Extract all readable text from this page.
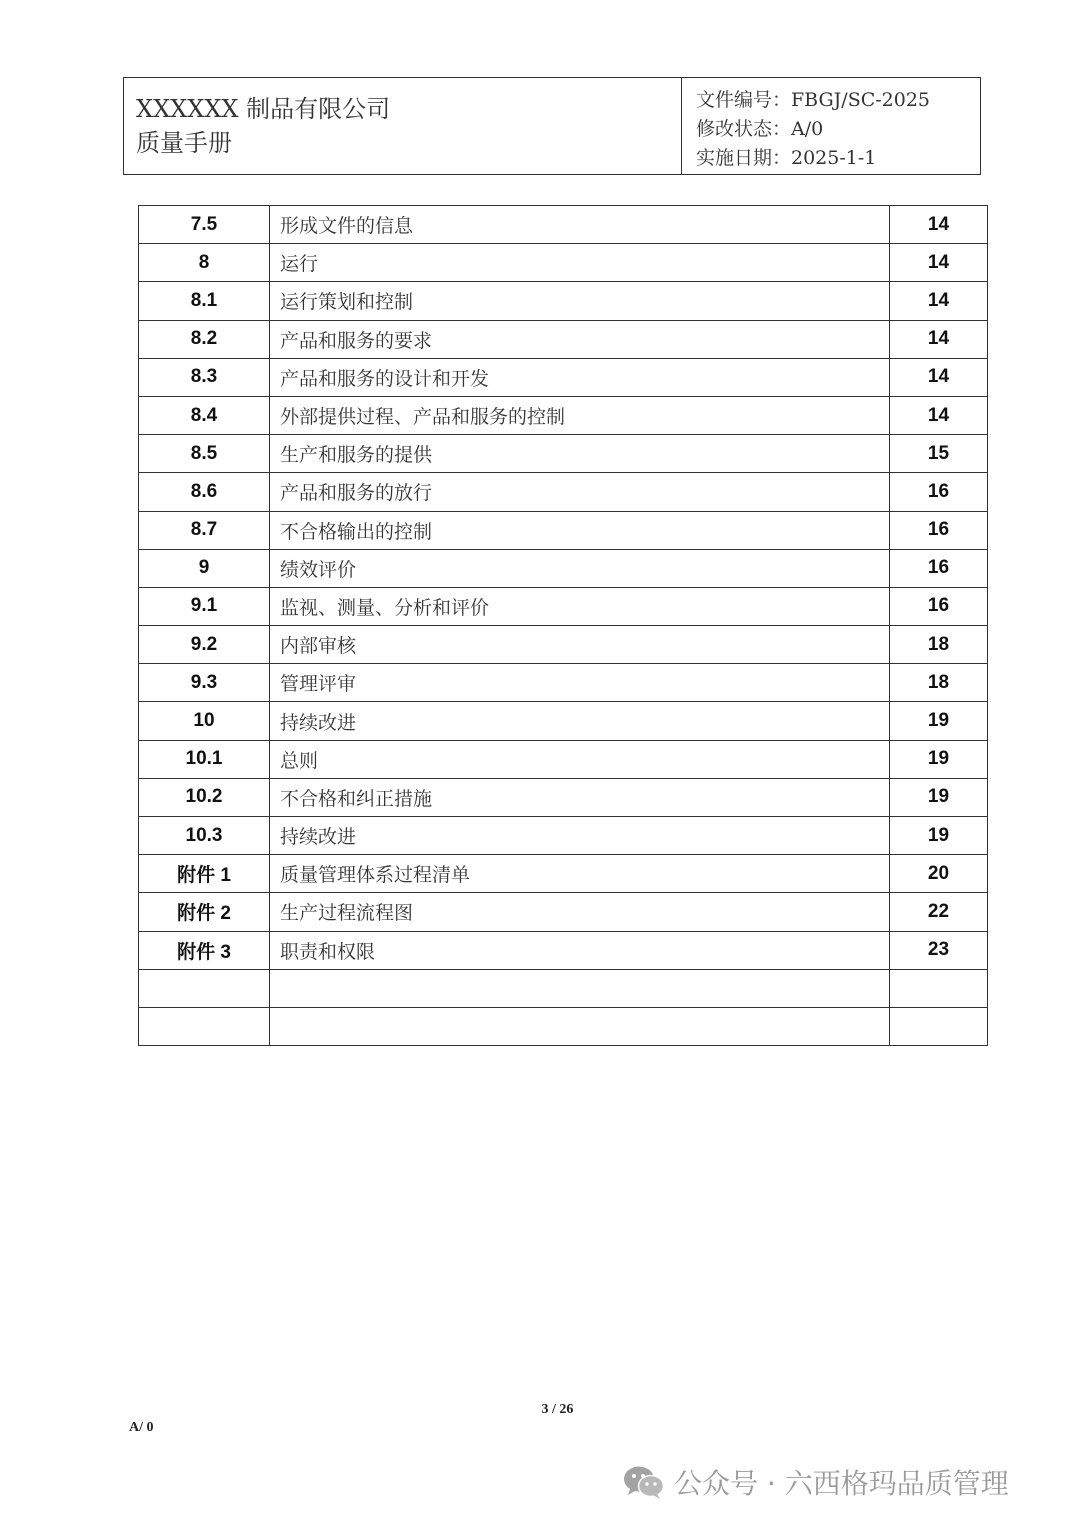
XXXXXX 制品有限公司
质量手册
文件编号：FBGJ/SC-2025
修改状态：A/0
实施日期：2025-1-1
7.5	形成文件的信息	14
8	运行	14
8.1	运行策划和控制	14
8.2	产品和服务的要求	14
8.3	产品和服务的设计和开发	14
8.4	外部提供过程、产品和服务的控制	14
8.5	生产和服务的提供	15
8.6	产品和服务的放行	16
8.7	不合格输出的控制	16
9	绩效评价	16
9.1	监视、测量、分析和评价	16
9.2	内部审核	18
9.3	管理评审	18
10	持续改进	19
10.1	总则	19
10.2	不合格和纠正措施	19
10.3	持续改进	19
附件 1	质量管理体系过程清单	20
附件 2	生产过程流程图	22
附件 3	职责和权限	23

3 / 26
A/ 0
公众号 · 六西格玛品质管理
